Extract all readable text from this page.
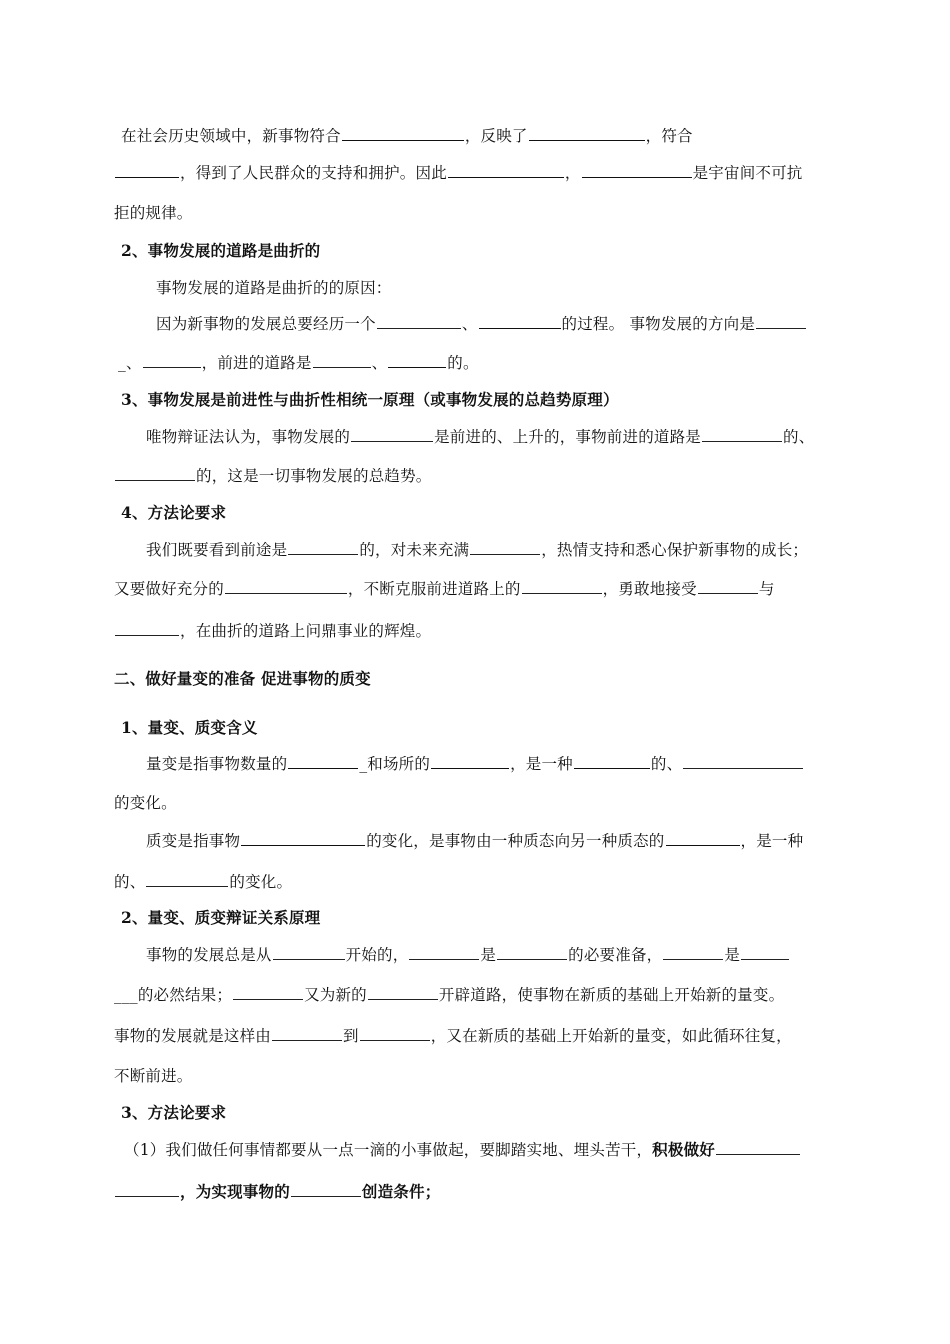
在社会历史领域中，新事物符合	，反映了	，符合
，得到了人民群众的支持和拥护。因此	，	是宇宙间不可抗
拒的规律。
2、事物发展的道路是曲折的
事物发展的道路是曲折的的原因：
因为新事物的发展总要经历一个	、	的过程。 事物发展的方向是
_、	，前进的道路是	、	的。
3、事物发展是前进性与曲折性相统一原理（或事物发展的总趋势原理）
唯物辩证法认为，事物发展的	是前进的、上升的，事物前进的道路是	的、
的，这是一切事物发展的总趋势。
4、方法论要求
我们既要看到前途是	的，对未来充满	，热情支持和悉心保护新事物的成长；
又要做好充分的	，不断克服前进道路上的	，勇敢地接受	与
，在曲折的道路上问鼎事业的辉煌。
二、做好量变的准备 促进事物的质变
1、量变、质变含义
量变是指事物数量的	_和场所的	，是一种	的、
的变化。
质变是指事物	的变化，是事物由一种质态向另一种质态的	，是一种
的、	的变化。
2、量变、质变辩证关系原理
事物的发展总是从	开始的，	是	的必要准备，	是
___的必然结果；	又为新的	开辟道路，使事物在新质的基础上开始新的量变。
事物的发展就是这样由	到	，又在新质的基础上开始新的量变，如此循环往复，
不断前进。
3、方法论要求
（1）我们做任何事情都要从一点一滴的小事做起，要脚踏实地、埋头苦干，积极做好
，为实现事物的	创造条件；
